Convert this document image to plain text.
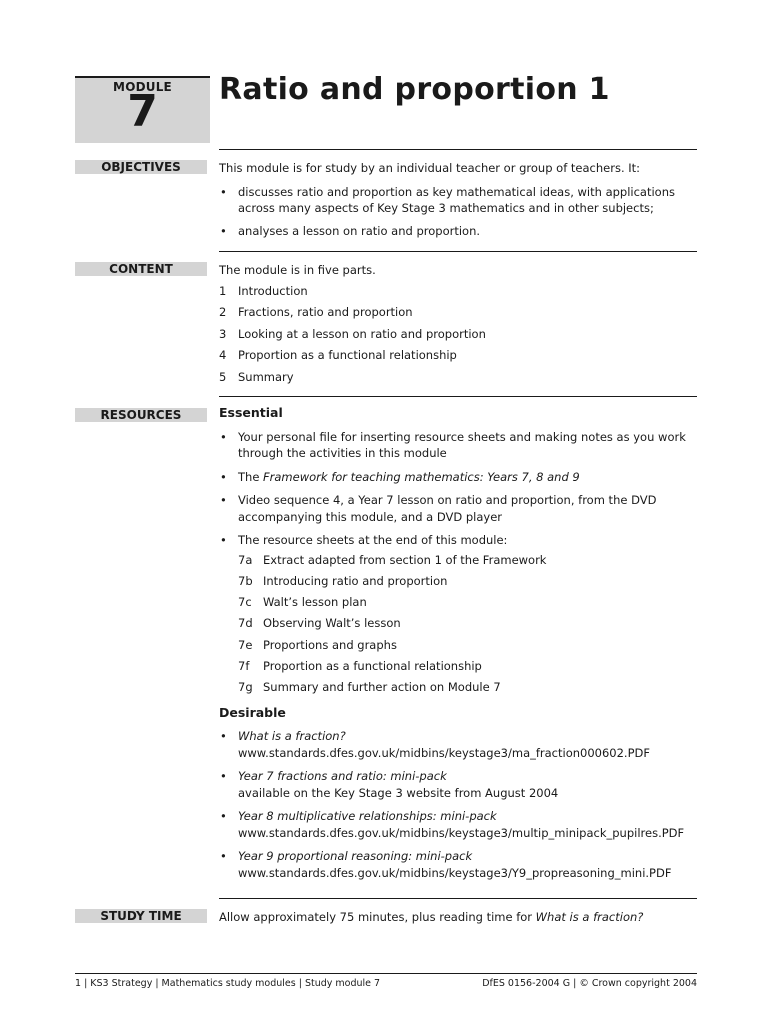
MODULE
7	Ratio and proportion 1
OBJECTIVES	This module is for study by an individual teacher or group of teachers. It:

• discusses ratio and proportion as key mathematical ideas, with applications across many aspects of Key Stage 3 mathematics and in other subjects;

• analyses a lesson on ratio and proportion.

CONTENT	The module is in five parts.

1 Introduction

2 Fractions, ratio and proportion

3 Looking at a lesson on ratio and proportion

4 Proportion as a functional relationship

5 Summary

RESOURCES	Essential

• Your personal file for inserting resource sheets and making notes as you work through the activities in this module

• The Framework for teaching mathematics: Years 7, 8 and 9

• Video sequence 4, a Year 7 lesson on ratio and proportion, from the DVD accompanying this module, and a DVD player

• The resource sheets at the end of this module:

7a Extract adapted from section 1 of the Framework

7b Introducing ratio and proportion

7c Walt’s lesson plan

7d Observing Walt’s lesson

7e Proportions and graphs

7f Proportion as a functional relationship

7g Summary and further action on Module 7

Desirable

• What is a fraction?
www.standards.dfes.gov.uk/midbins/keystage3/ma_fraction000602.PDF

• Year 7 fractions and ratio: mini-pack
available on the Key Stage 3 website from August 2004

• Year 8 multiplicative relationships: mini-pack
www.standards.dfes.gov.uk/midbins/keystage3/multip_minipack_pupilres.PDF

• Year 9 proportional reasoning: mini-pack
www.standards.dfes.gov.uk/midbins/keystage3/Y9_propreasoning_mini.PDF

STUDY TIME	Allow approximately 75 minutes, plus reading time for What is a fraction?

1 | KS3 Strategy | Mathematics study modules | Study module 7	DfES 0156-2004 G | © Crown copyright 2004
